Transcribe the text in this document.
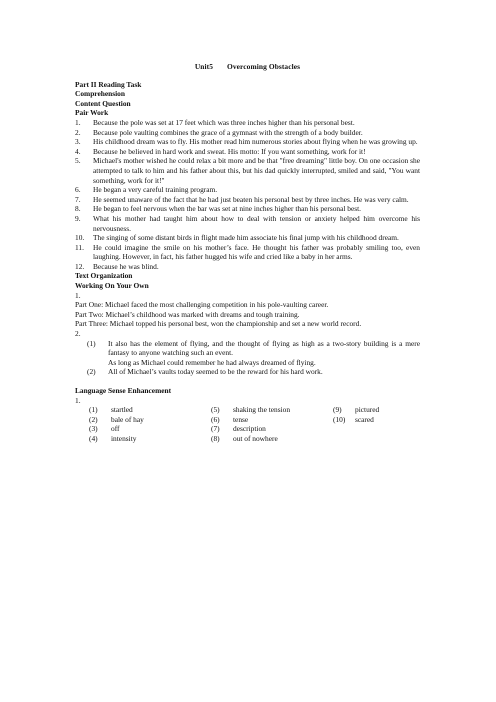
Unit5 Overcoming Obstacles
Part II Reading Task
Comprehension
Content Question
Pair Work
1.	Because the pole was set at 17 feet which was three inches higher than his personal best.
2.	Because pole vaulting combines the grace of a gymnast with the strength of a body builder.
3.	His childhood dream was to fly. His mother read him numerous stories about flying when he was growing up.
4.	Because he believed in hard work and sweat. His motto: If you want something, work for it!
5.	Michael's mother wished he could relax a bit more and be that "free dreaming" little boy. On one occasion she attempted to talk to him and his father about this, but his dad quickly interrupted, smiled and said, "You want something, work for it!"
6.	He began a very careful training program.
7.	He seemed unaware of the fact that he had just beaten his personal best by three inches. He was very calm.
8.	He began to feel nervous when the bar was set at nine inches higher than his personal best.
9.	What his mother had taught him about how to deal with tension or anxiety helped him overcome his nervousness.
10.	The singing of some distant birds in flight made him associate his final jump with his childhood dream.
11.	He could imagine the smile on his mother’s face. He thought his father was probably smiling too, even laughing. However, in fact, his father hugged his wife and cried like a baby in her arms.
12.	Because he was blind.
Text Organization
Working On Your Own
1.
Part One: Michael faced the most challenging competition in his pole-vaulting career.
Part Two: Michael’s childhood was marked with dreams and tough training.
Part Three: Michael topped his personal best, won the championship and set a new world record.
2.
(1)	It also has the element of flying, and the thought of flying as high as a two-story building is a mere fantasy to anyone watching such an event.
As long as Michael could remember he had always dreamed of flying.
(2)	All of Michael’s vaults today seemed to be the reward for his hard work.
Language Sense Enhancement
1.
(1)	startled	(5)	shaking the tension	(9)	pictured
(2)	bale of hay	(6)	tense	(10)	scared
(3)	off	(7)	description
(4)	intensity	(8)	out of nowhere
